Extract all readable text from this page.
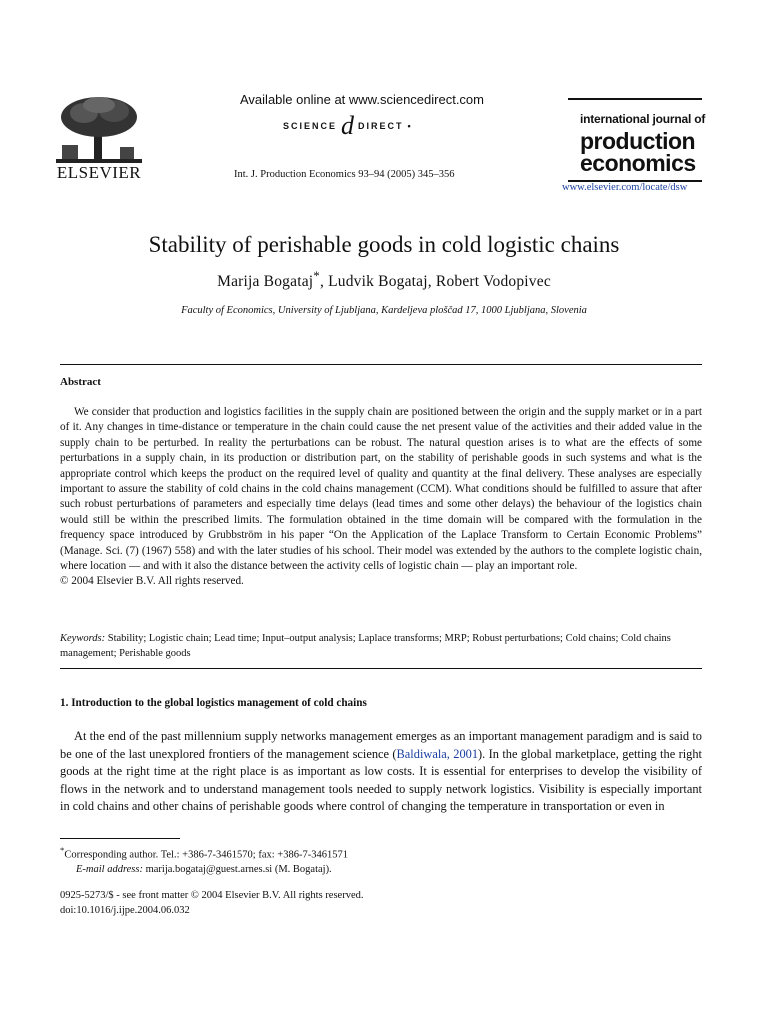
ELSEVIER
Available online at www.sciencedirect.com
SCIENCE d DIRECT •
Int. J. Production Economics 93–94 (2005) 345–356
international journal of
production
economics
www.elsevier.com/locate/dsw
Stability of perishable goods in cold logistic chains
Marija Bogataj*, Ludvik Bogataj, Robert Vodopivec
Faculty of Economics, University of Ljubljana, Kardeljeva ploščad 17, 1000 Ljubljana, Slovenia
Abstract

We consider that production and logistics facilities in the supply chain are positioned between the origin and the supply market or in a part of it. Any changes in time-distance or temperature in the chain could cause the net present value of the activities and their added value in the supply chain to be perturbed. In reality the perturbations can be robust. The natural question arises is to what are the effects of some perturbations in a supply chain, in its production or distribution part, on the stability of perishable goods in such systems and what is the appropriate control which keeps the product on the required level of quality and quantity at the final delivery. These analyses are especially important to assure the stability of cold chains in the cold chains management (CCM). What conditions should be fulfilled to assure that after such robust perturbations of parameters and especially time delays (lead times and some other delays) the behaviour of the logistics chain would still be within the prescribed limits. The formulation obtained in the time domain will be compared with the formulation in the frequency space introduced by Grubbström in his paper “On the Application of the Laplace Transform to Certain Economic Problems” (Manage. Sci. (7) (1967) 558) and with the later studies of his school. Their model was extended by the authors to the complete logistic chain, where location — and with it also the distance between the activity cells of logistic chain — play an important role.

© 2004 Elsevier B.V. All rights reserved.
Keywords: Stability; Logistic chain; Lead time; Input–output analysis; Laplace transforms; MRP; Robust perturbations; Cold chains; Cold chains management; Perishable goods
1. Introduction to the global logistics management of cold chains

At the end of the past millennium supply networks management emerges as an important management paradigm and is said to be one of the last unexplored frontiers of the management science (Baldiwala, 2001). In the global marketplace, getting the right goods at the right time at the right place is as important as low costs. It is essential for enterprises to develop the visibility of flows in the network and to understand management tools needed to supply network logistics. Visibility is especially important in cold chains and other chains of perishable goods where control of changing the temperature in transportation or even in

*Corresponding author. Tel.: +386-7-3461570; fax: +386-7-3461571
E-mail address: marija.bogataj@guest.arnes.si (M. Bogataj).
0925-5273/$ - see front matter © 2004 Elsevier B.V. All rights reserved.
doi:10.1016/j.ijpe.2004.06.032
